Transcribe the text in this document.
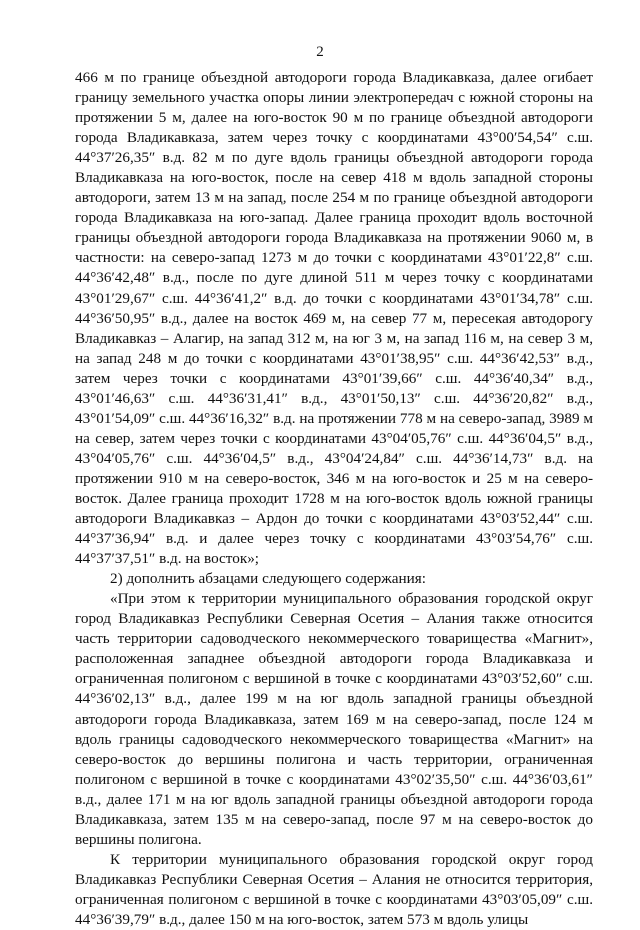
2

466 м по границе объездной автодороги города Владикавказа, далее огибает границу земельного участка опоры линии электропередач с южной стороны на протяжении 5 м, далее на юго-восток 90 м по границе объездной автодороги города Владикавказа, затем через точку с координатами 43°00′54,54″ с.ш. 44°37′26,35″ в.д. 82 м по дуге вдоль границы объездной автодороги города Владикавказа на юго-восток, после на север 418 м вдоль западной стороны автодороги, затем 13 м на запад, после 254 м по границе объездной автодороги города Владикавказа на юго-запад. Далее граница проходит вдоль восточной границы объездной автодороги города Владикавказа на протяжении 9060 м, в частности: на северо-запад 1273 м до точки с координатами 43°01′22,8″ с.ш. 44°36′42,48″ в.д., после по дуге длиной 511 м через точку с координатами 43°01′29,67″ с.ш. 44°36′41,2″ в.д. до точки с координатами 43°01′34,78″ с.ш. 44°36′50,95″ в.д., далее на восток 469 м, на север 77 м, пересекая автодорогу Владикавказ – Алагир, на запад 312 м, на юг 3 м, на запад 116 м, на север 3 м, на запад 248 м до точки с координатами 43°01′38,95″ с.ш. 44°36′42,53″ в.д., затем через точки с координатами 43°01′39,66″ с.ш. 44°36′40,34″ в.д., 43°01′46,63″ с.ш. 44°36′31,41″ в.д., 43°01′50,13″ с.ш. 44°36′20,82″ в.д., 43°01′54,09″ с.ш. 44°36′16,32″ в.д. на протяжении 778 м на северо-запад, 3989 м на север, затем через точки с координатами 43°04′05,76″ с.ш. 44°36′04,5″ в.д., 43°04′05,76″ с.ш. 44°36′04,5″ в.д., 43°04′24,84″ с.ш. 44°36′14,73″ в.д. на протяжении 910 м на северо-восток, 346 м на юго-восток и 25 м на северо-восток. Далее граница проходит 1728 м на юго-восток вдоль южной границы автодороги Владикавказ – Ардон до точки с координатами 43°03′52,44″ с.ш. 44°37′36,94″ в.д. и далее через точку с координатами 43°03′54,76″ с.ш. 44°37′37,51″ в.д. на восток»;

2) дополнить абзацами следующего содержания:

«При этом к территории муниципального образования городской округ город Владикавказ Республики Северная Осетия – Алания также относится часть территории садоводческого некоммерческого товарищества «Магнит», расположенная западнее объездной автодороги города Владикавказа и ограниченная полигоном с вершиной в точке с координатами 43°03′52,60″ с.ш. 44°36′02,13″ в.д., далее 199 м на юг вдоль западной границы объездной автодороги города Владикавказа, затем 169 м на северо-запад, после 124 м вдоль границы садоводческого некоммерческого товарищества «Магнит» на северо-восток до вершины полигона и часть территории, ограниченная полигоном с вершиной в точке с координатами 43°02′35,50″ с.ш. 44°36′03,61″ в.д., далее 171 м на юг вдоль западной границы объездной автодороги города Владикавказа, затем 135 м на северо-запад, после 97 м на северо-восток до вершины полигона.

К территории муниципального образования городской округ город Владикавказ Республики Северная Осетия – Алания не относится территория, ограниченная полигоном с вершиной в точке с координатами 43°03′05,09″ с.ш. 44°36′39,79″ в.д., далее 150 м на юго-восток, затем 573 м вдоль улицы
